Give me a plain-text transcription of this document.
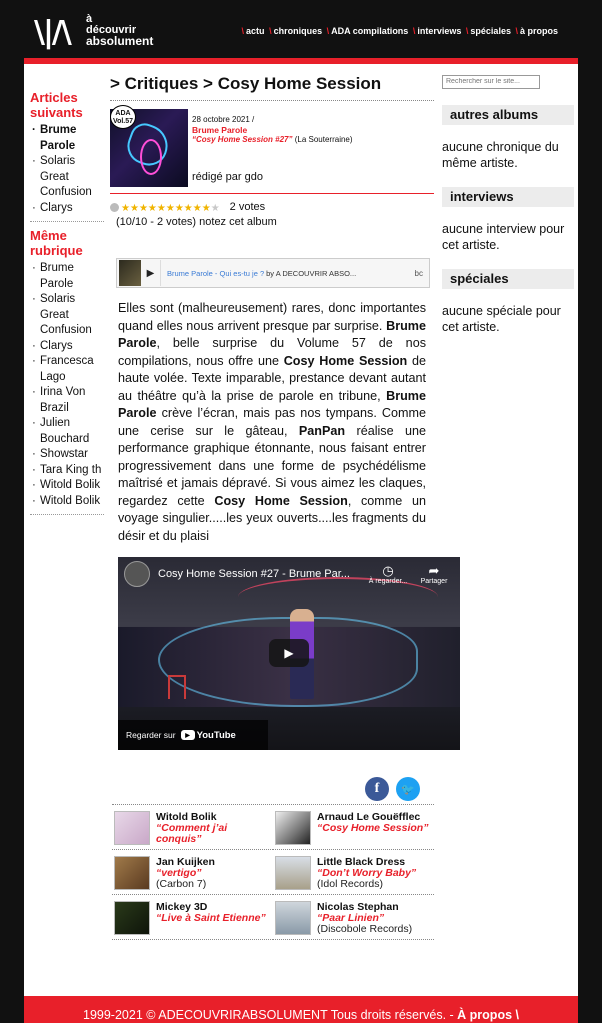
\|/\ à
découvrir
absolument
\ actu \ chroniques \ ADA compilations \ interviews \ spéciales \ à propos
Articles suivants
· Brume Parole
· Solaris Great Confusion
· Clarys
Même rubrique
· Brume Parole
· Solaris Great Confusion
· Clarys
· Francesca Lago
· Irina Von Brazil
· Julien Bouchard
· Showstar
· Tara King th
· Witold Bolik
· Witold Bolik
> Critiques > Cosy Home Session
ADA Vol.57	28 octobre 2021 /
Brume Parole
“Cosy Home Session #27” (La Souterraine)
rédigé par gdo
★★★★★★★★★★★ 2 votes
(10/10 - 2 votes) notez cet album
▶	Brume Parole - Qui es-tu je ? by A DECOUVRIR ABSO...	bc
Elles sont (malheureusement) rares, donc importantes quand elles nous arrivent presque par surprise. Brume Parole, belle surprise du Volume 57 de nos compilations, nous offre une Cosy Home Session de haute volée. Texte imparable, prestance devant autant au théâtre qu’à la prise de parole en tribune, Brume Parole crève l’écran, mais pas nos tympans. Comme une cerise sur le gâteau, PanPan réalise une performance graphique étonnante, nous faisant entrer progressivement dans une forme de psychédélisme maîtrisé et jamais dépravé. Si vous aimez les claques, regardez cette Cosy Home Session, comme un voyage singulier.....les yeux ouverts....les fragments du désir et du plaisi
Cosy Home Session #27 - Brume Par...	◷
À regarder...
➦
Partager
▶
Regarder sur	▶ YouTube
f	🐦
Witold Bolik
“Comment j’ai conquis”
Arnaud Le Gouëfflec
“Cosy Home Session”
Jan Kuijken
“vertigo”
(Carbon 7)
Little Black Dress
“Don’t Worry Baby”
(Idol Records)
Mickey 3D
“Live à Saint Etienne”
Nicolas Stephan
“Paar Linien”
(Discobole Records)
Rechercher sur le site...
autres albums
aucune chronique du même artiste.
interviews
aucune interview pour cet artiste.
spéciales
aucune spéciale pour cet artiste.
1999-2021 © ADECOUVRIRABSOLUMENT Tous droits réservés. - À propos \
